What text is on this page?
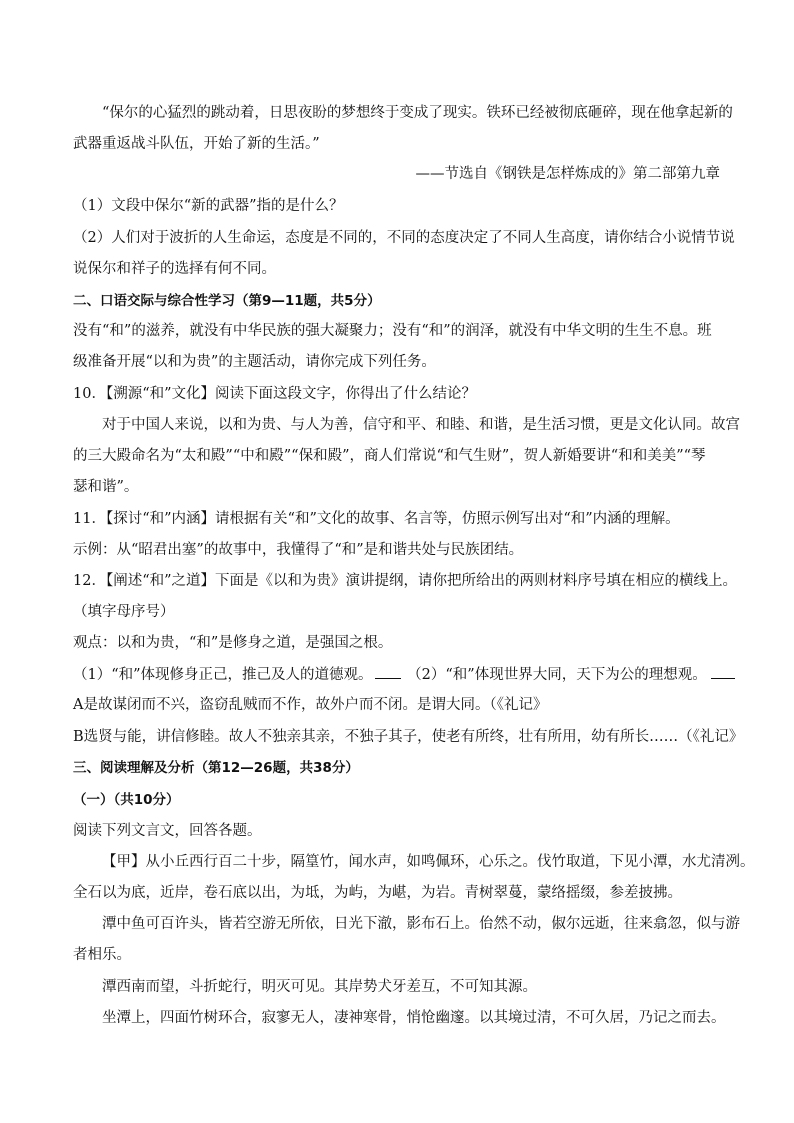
“保尔的心猛烈的跳动着，日思夜盼的梦想终于变成了现实。铁环已经被彻底砸碎，现在他拿起新的
武器重返战斗队伍，开始了新的生活。”
——节选自《钢铁是怎样炼成的》第二部第九章
（1）文段中保尔“新的武器”指的是什么？
（2）人们对于波折的人生命运，态度是不同的，不同的态度决定了不同人生高度，请你结合小说情节说
说保尔和祥子的选择有何不同。
二、口语交际与综合性学习（第9—11题，共5分）
没有“和”的滋养，就没有中华民族的强大凝聚力；没有“和”的润泽，就没有中华文明的生生不息。班
级准备开展“以和为贵”的主题活动，请你完成下列任务。
10．【溯源“和”文化】阅读下面这段文字，你得出了什么结论？
对于中国人来说，以和为贵、与人为善，信守和平、和睦、和谐，是生活习惯，更是文化认同。故宫
的三大殿命名为“太和殿”“中和殿”“保和殿”，商人们常说“和气生财”，贺人新婚要讲“和和美美”“琴
瑟和谐”。
11．【探讨“和”内涵】请根据有关“和”文化的故事、名言等，仿照示例写出对“和”内涵的理解。
示例：从“昭君出塞”的故事中，我懂得了“和”是和谐共处与民族团结。
12．【阐述“和”之道】下面是《以和为贵》演讲提纲，请你把所给出的两则材料序号填在相应的横线上。
（填字母序号）
观点：以和为贵，“和”是修身之道，是强国之根。
（1）“和”体现修身正己，推己及人的道德观。 （2）“和”体现世界大同，天下为公的理想观。
A是故谋闭而不兴，盗窃乱贼而不作，故外户而不闭。是谓大同。（《礼记》
B选贤与能，讲信修睦。故人不独亲其亲，不独子其子，使老有所终，壮有所用，幼有所长……（《礼记》
三、阅读理解及分析（第12—26题，共38分）
（一）（共10分）
阅读下列文言文，回答各题。
【甲】从小丘西行百二十步，隔篁竹，闻水声，如鸣佩环，心乐之。伐竹取道，下见小潭，水尤清冽。
全石以为底，近岸，卷石底以出，为坻，为屿，为嵁，为岩。青树翠蔓，蒙络摇缀，参差披拂。
潭中鱼可百许头，皆若空游无所依，日光下澈，影布石上。佁然不动，俶尔远逝，往来翕忽，似与游
者相乐。
潭西南而望，斗折蛇行，明灭可见。其岸势犬牙差互，不可知其源。
坐潭上，四面竹树环合，寂寥无人，凄神寒骨，悄怆幽邃。以其境过清，不可久居，乃记之而去。
